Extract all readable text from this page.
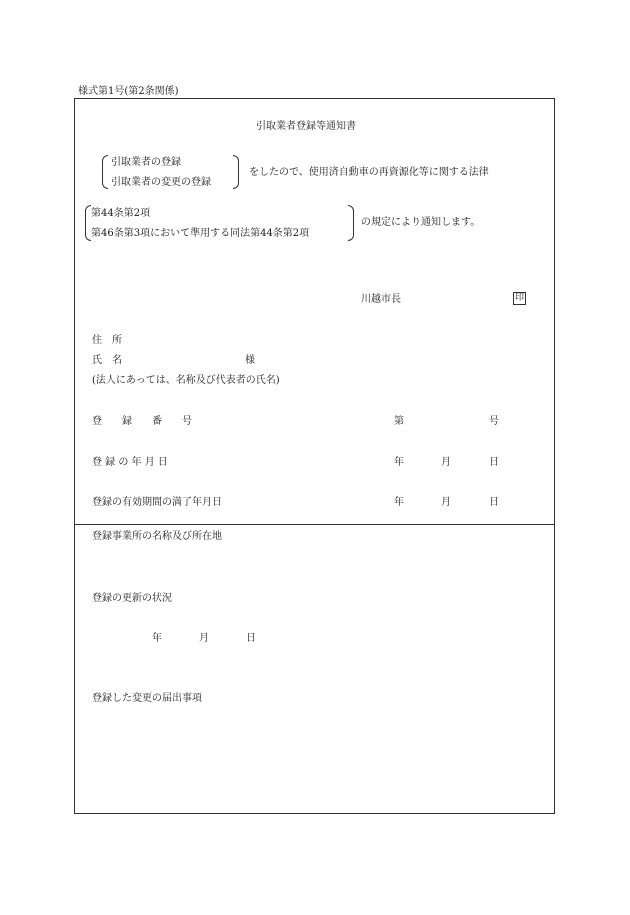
様式第1号(第2条関係)
引取業者登録等通知書
引取業者の登録
引取業者の変更の登録
をしたので、使用済自動車の再資源化等に関する法律
第44条第2項
第46条第3項において準用する同法第44条第2項
の規定により通知します。
川越市長	印
住　所
氏　名	様
(法人にあっては、名称及び代表者の氏名)
登　　録　　番　　号	第	号
登 録 の 年 月 日	年	月	日
登録の有効期間の満了年月日	年	月	日
登録事業所の名称及び所在地
登録の更新の状況
年	月	日
登録した変更の届出事項
